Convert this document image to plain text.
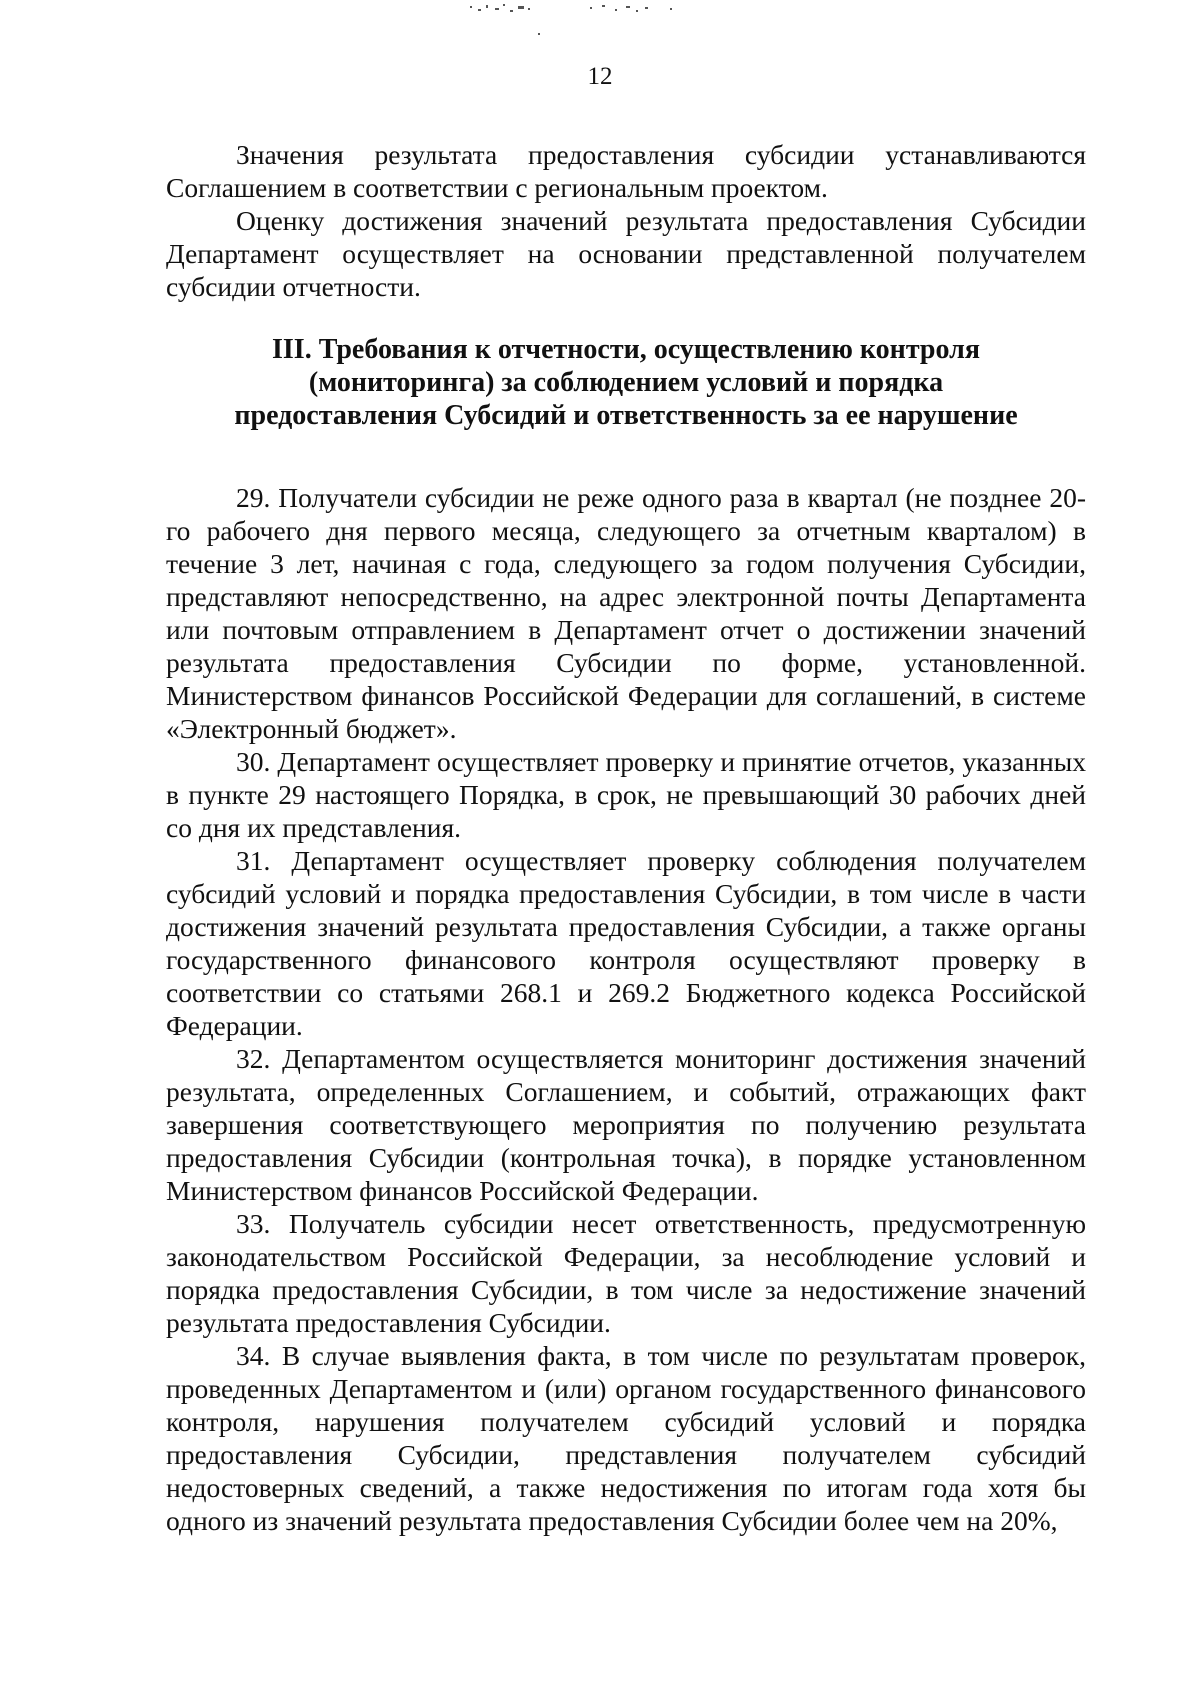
12

Значения результата предоставления субсидии устанавливаются Соглашением в соответствии с региональным проектом.

Оценку достижения значений результата предоставления Субсидии Департамент осуществляет на основании представленной получателем субсидии отчетности.

III. Требования к отчетности, осуществлению контроля
(мониторинга) за соблюдением условий и порядка
предоставления Субсидий и ответственность за ее нарушение

29. Получатели субсидии не реже одного раза в квартал (не позднее 20-го рабочего дня первого месяца, следующего за отчетным кварталом) в течение 3 лет, начиная с года, следующего за годом получения Субсидии, представляют непосредственно, на адрес электронной почты Департамента или почтовым отправлением в Департамент отчет о достижении значений результата предоставления Субсидии по форме, установленной. Министерством финансов Российской Федерации для соглашений, в системе «Электронный бюджет».

30. Департамент осуществляет проверку и принятие отчетов, указанных в пункте 29 настоящего Порядка, в срок, не превышающий 30 рабочих дней со дня их представления.

31. Департамент осуществляет проверку соблюдения получателем субсидий условий и порядка предоставления Субсидии, в том числе в части достижения значений результата предоставления Субсидии, а также органы государственного финансового контроля осуществляют проверку в соответствии со статьями 268.1 и 269.2 Бюджетного кодекса Российской Федерации.

32. Департаментом осуществляется мониторинг достижения значений результата, определенных Соглашением, и событий, отражающих факт завершения соответствующего мероприятия по получению результата предоставления Субсидии (контрольная точка), в порядке установленном Министерством финансов Российской Федерации.

33. Получатель субсидии несет ответственность, предусмотренную законодательством Российской Федерации, за несоблюдение условий и порядка предоставления Субсидии, в том числе за недостижение значений результата предоставления Субсидии.

34. В случае выявления факта, в том числе по результатам проверок, проведенных Департаментом и (или) органом государственного финансового контроля, нарушения получателем субсидий условий и порядка предоставления Субсидии, представления получателем субсидий недостоверных сведений, а также недостижения по итогам года хотя бы одного из значений результата предоставления Субсидии более чем на 20%,
